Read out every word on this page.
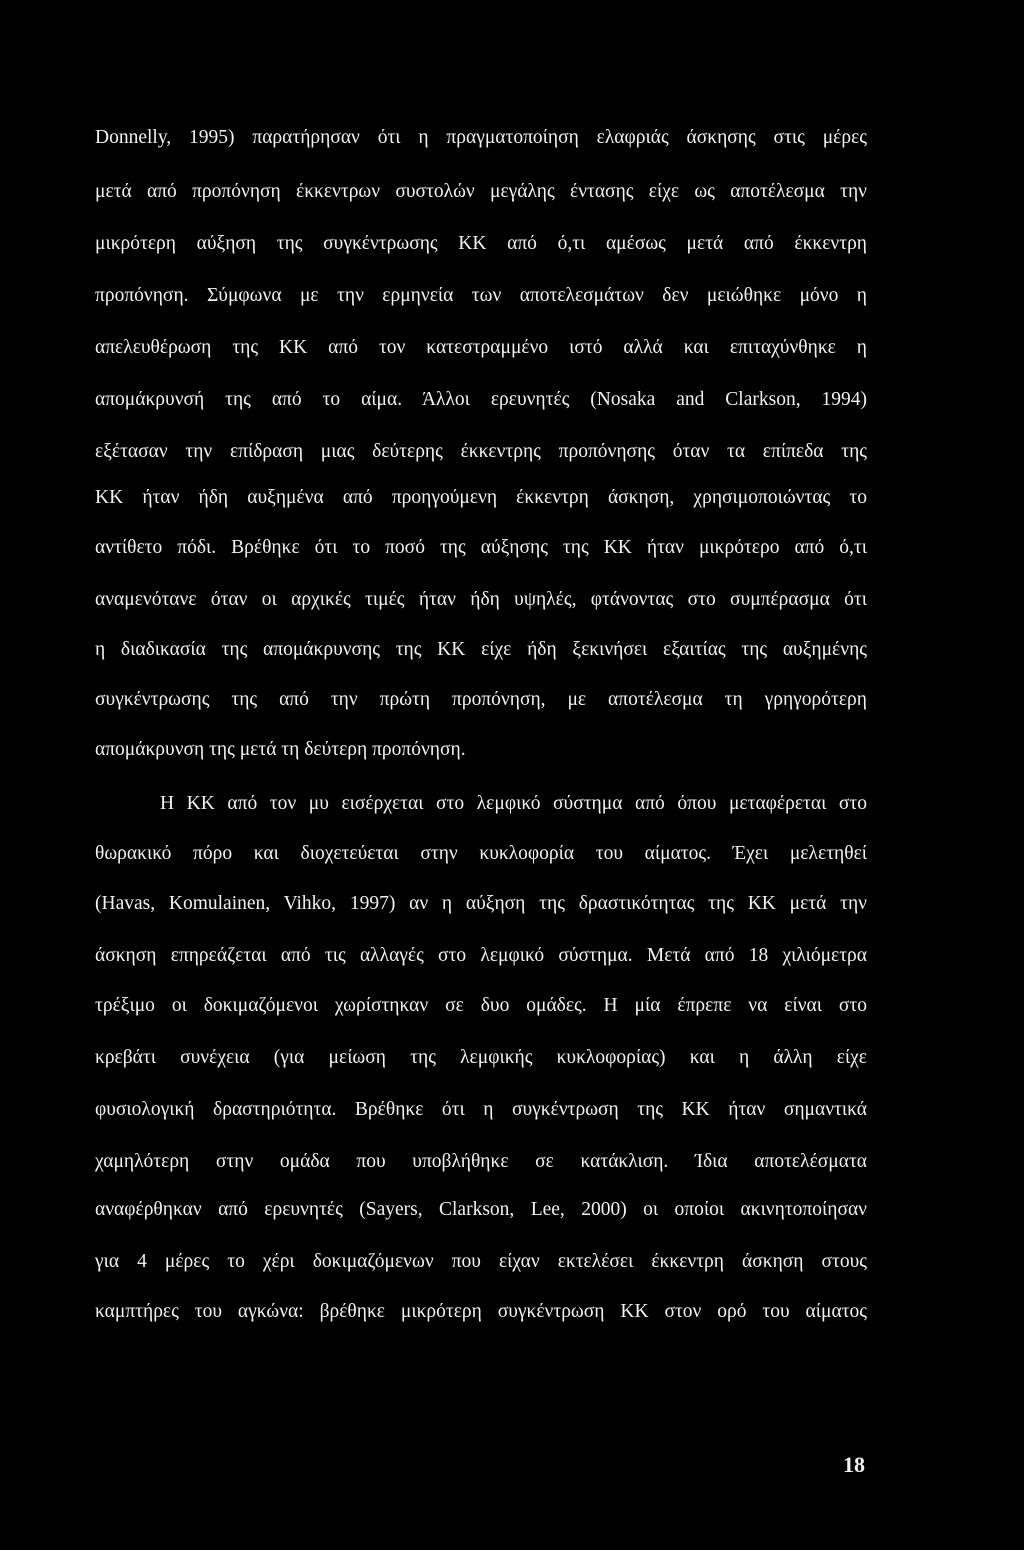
Donnelly, 1995) παρατήρησαν ότι η πραγματοποίηση ελαφριάς άσκησης στις μέρες
μετά από προπόνηση έκκεντρων συστολών μεγάλης έντασης είχε ως αποτέλεσμα την
μικρότερη αύξηση της συγκέντρωσης ΚΚ από ό,τι αμέσως μετά από έκκεντρη
προπόνηση. Σύμφωνα με την ερμηνεία των αποτελεσμάτων δεν μειώθηκε μόνο η
απελευθέρωση της ΚΚ από τον κατεστραμμένο ιστό αλλά και επιταχύνθηκε η
απομάκρυνσή της από το αίμα. Άλλοι ερευνητές (Nosaka and Clarkson, 1994)
εξέτασαν την επίδραση μιας δεύτερης έκκεντρης προπόνησης όταν τα επίπεδα της
ΚΚ ήταν ήδη αυξημένα από προηγούμενη έκκεντρη άσκηση, χρησιμοποιώντας το
αντίθετο πόδι. Βρέθηκε ότι το ποσό της αύξησης της ΚΚ ήταν μικρότερο από ό,τι
αναμενότανε όταν οι αρχικές τιμές ήταν ήδη υψηλές, φτάνοντας στο συμπέρασμα ότι
η διαδικασία της απομάκρυνσης της ΚΚ είχε ήδη ξεκινήσει εξαιτίας της αυξημένης
συγκέντρωσης της από την πρώτη προπόνηση, με αποτέλεσμα τη γρηγορότερη
απομάκρυνση της μετά τη δεύτερη προπόνηση.
Η ΚΚ από τον μυ εισέρχεται στο λεμφικό σύστημα από όπου μεταφέρεται στο
θωρακικό πόρο και διοχετεύεται στην κυκλοφορία του αίματος. Έχει μελετηθεί
(Havas, Komulainen, Vihko, 1997) αν η αύξηση της δραστικότητας της ΚΚ μετά την
άσκηση επηρεάζεται από τις αλλαγές στο λεμφικό σύστημα. Μετά από 18 χιλιόμετρα
τρέξιμο οι δοκιμαζόμενοι χωρίστηκαν σε δυο ομάδες. Η μία έπρεπε να είναι στο
κρεβάτι συνέχεια (για μείωση της λεμφικής κυκλοφορίας) και η άλλη είχε
φυσιολογική δραστηριότητα. Βρέθηκε ότι η συγκέντρωση της ΚΚ ήταν σημαντικά
χαμηλότερη στην ομάδα που υποβλήθηκε σε κατάκλιση. Ίδια αποτελέσματα
αναφέρθηκαν από ερευνητές (Sayers, Clarkson, Lee, 2000) οι οποίοι ακινητοποίησαν
για 4 μέρες το χέρι δοκιμαζόμενων που είχαν εκτελέσει έκκεντρη άσκηση στους
καμπτήρες του αγκώνα: βρέθηκε μικρότερη συγκέντρωση ΚΚ στον ορό του αίματος
18
